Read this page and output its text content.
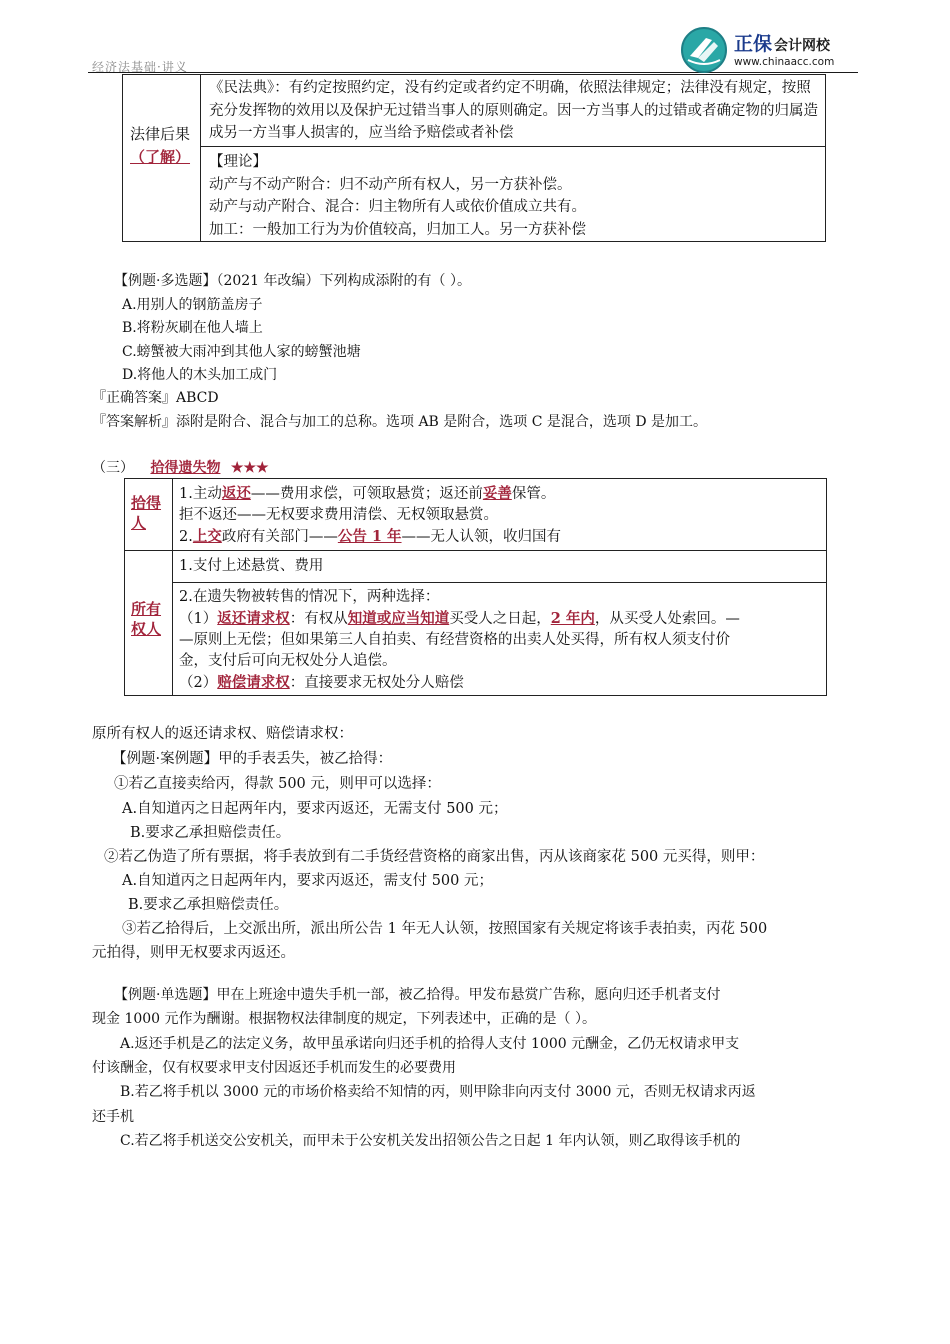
经济法基础·讲义
正保 会计网校
www.chinaacc.com
法律后果（了解）
《民法典》：有约定按照约定，没有约定或者约定不明确，依照法律规定；法律没有规定，按照充分发挥物的效用以及保护无过错当事人的原则确定。因一方当事人的过错或者确定物的归属造成另一方当事人损害的，应当给予赔偿或者补偿
【理论】
动产与不动产附合：归不动产所有权人，另一方获补偿。
动产与动产附合、混合：归主物所有人或依价值成立共有。
加工：一般加工行为为价值较高，归加工人。另一方获补偿
【例题·多选题】（2021 年改编）下列构成添附的有（ ）。
A.用别人的钢筋盖房子
B.将粉灰刷在他人墙上
C.螃蟹被大雨冲到其他人家的螃蟹池塘
D.将他人的木头加工成门
『正确答案』ABCD
『答案解析』添附是附合、混合与加工的总称。选项 AB 是附合，选项 C 是混合，选项 D 是加工。
（三） 拾得遗失物 ★★★
拾得人
1.主动返还——费用求偿，可领取悬赏；返还前妥善保管。
拒不返还——无权要求费用清偿、无权领取悬赏。
2.上交政府有关部门——公告 1 年——无人认领，收归国有
所有权人
1.支付上述悬赏、费用
2.在遗失物被转售的情况下，两种选择：
（1）返还请求权：有权从知道或应当知道买受人之日起，2 年内，从买受人处索回。—
—原则上无偿；但如果第三人自拍卖、有经营资格的出卖人处买得，所有权人须支付价
金，支付后可向无权处分人追偿。
（2）赔偿请求权：直接要求无权处分人赔偿
原所有权人的返还请求权、赔偿请求权：
【例题·案例题】甲的手表丢失，被乙拾得：
①若乙直接卖给丙，得款 500 元，则甲可以选择：
A.自知道丙之日起两年内，要求丙返还，无需支付 500 元；
B.要求乙承担赔偿责任。
②若乙伪造了所有票据，将手表放到有二手货经营资格的商家出售，丙从该商家花 500 元买得，则甲：
A.自知道丙之日起两年内，要求丙返还，需支付 500 元；
B.要求乙承担赔偿责任。
③若乙拾得后，上交派出所，派出所公告 1 年无人认领，按照国家有关规定将该手表拍卖，丙花 500
元拍得，则甲无权要求丙返还。
【例题·单选题】甲在上班途中遗失手机一部，被乙拾得。甲发布悬赏广告称，愿向归还手机者支付
现金 1000 元作为酬谢。根据物权法律制度的规定，下列表述中，正确的是（ ）。
A.返还手机是乙的法定义务，故甲虽承诺向归还手机的拾得人支付 1000 元酬金，乙仍无权请求甲支
付该酬金，仅有权要求甲支付因返还手机而发生的必要费用
B.若乙将手机以 3000 元的市场价格卖给不知情的丙，则甲除非向丙支付 3000 元，否则无权请求丙返
还手机
C.若乙将手机送交公安机关，而甲未于公安机关发出招领公告之日起 1 年内认领，则乙取得该手机的
